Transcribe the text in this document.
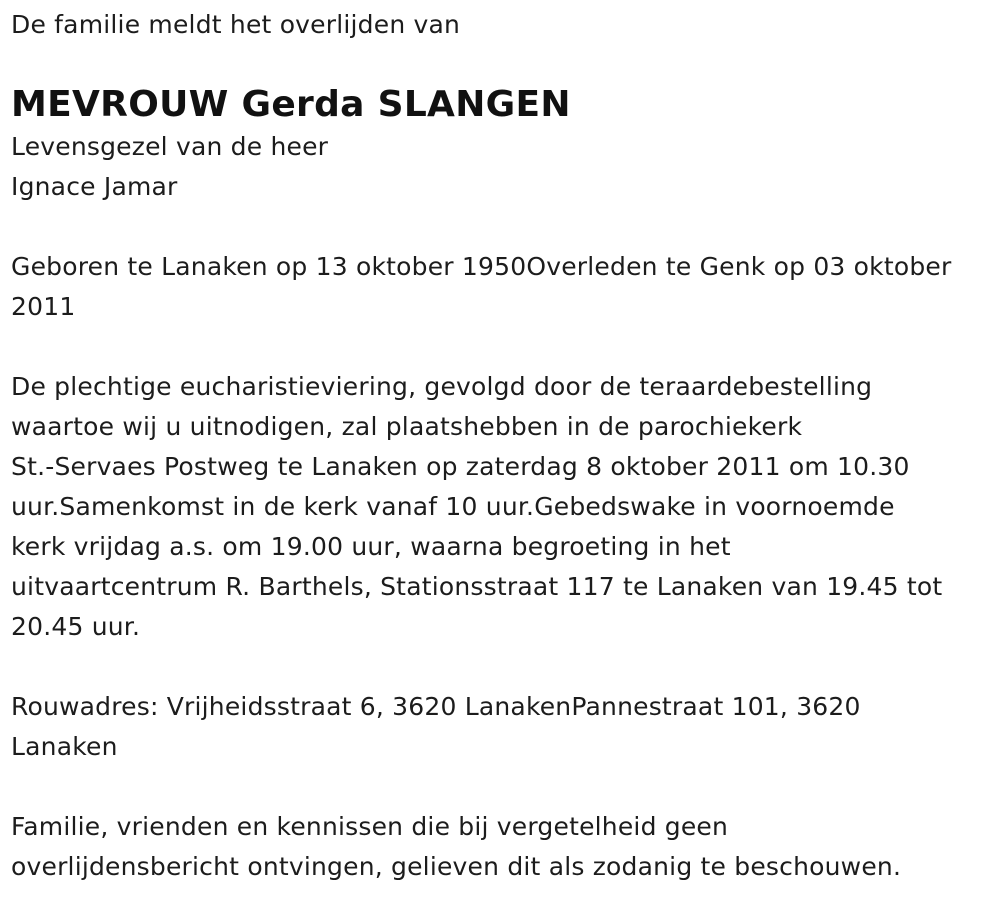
De familie meldt het overlijden van
MEVROUW Gerda SLANGEN
Levensgezel van de heer
Ignace Jamar
Geboren te Lanaken op 13 oktober 1950Overleden te Genk op 03 oktober
2011
De plechtige eucharistieviering, gevolgd door de teraardebestelling
waartoe wij u uitnodigen, zal plaatshebben in de parochiekerk
St.-Servaes Postweg te Lanaken op zaterdag 8 oktober 2011 om 10.30
uur.Samenkomst in de kerk vanaf 10 uur.Gebedswake in voornoemde
kerk vrijdag a.s. om 19.00 uur, waarna begroeting in het
uitvaartcentrum R. Barthels, Stationsstraat 117 te Lanaken van 19.45 tot
20.45 uur.
Rouwadres: Vrijheidsstraat 6, 3620 LanakenPannestraat 101, 3620
Lanaken
Familie, vrienden en kennissen die bij vergetelheid geen
overlijdensbericht ontvingen, gelieven dit als zodanig te beschouwen.
